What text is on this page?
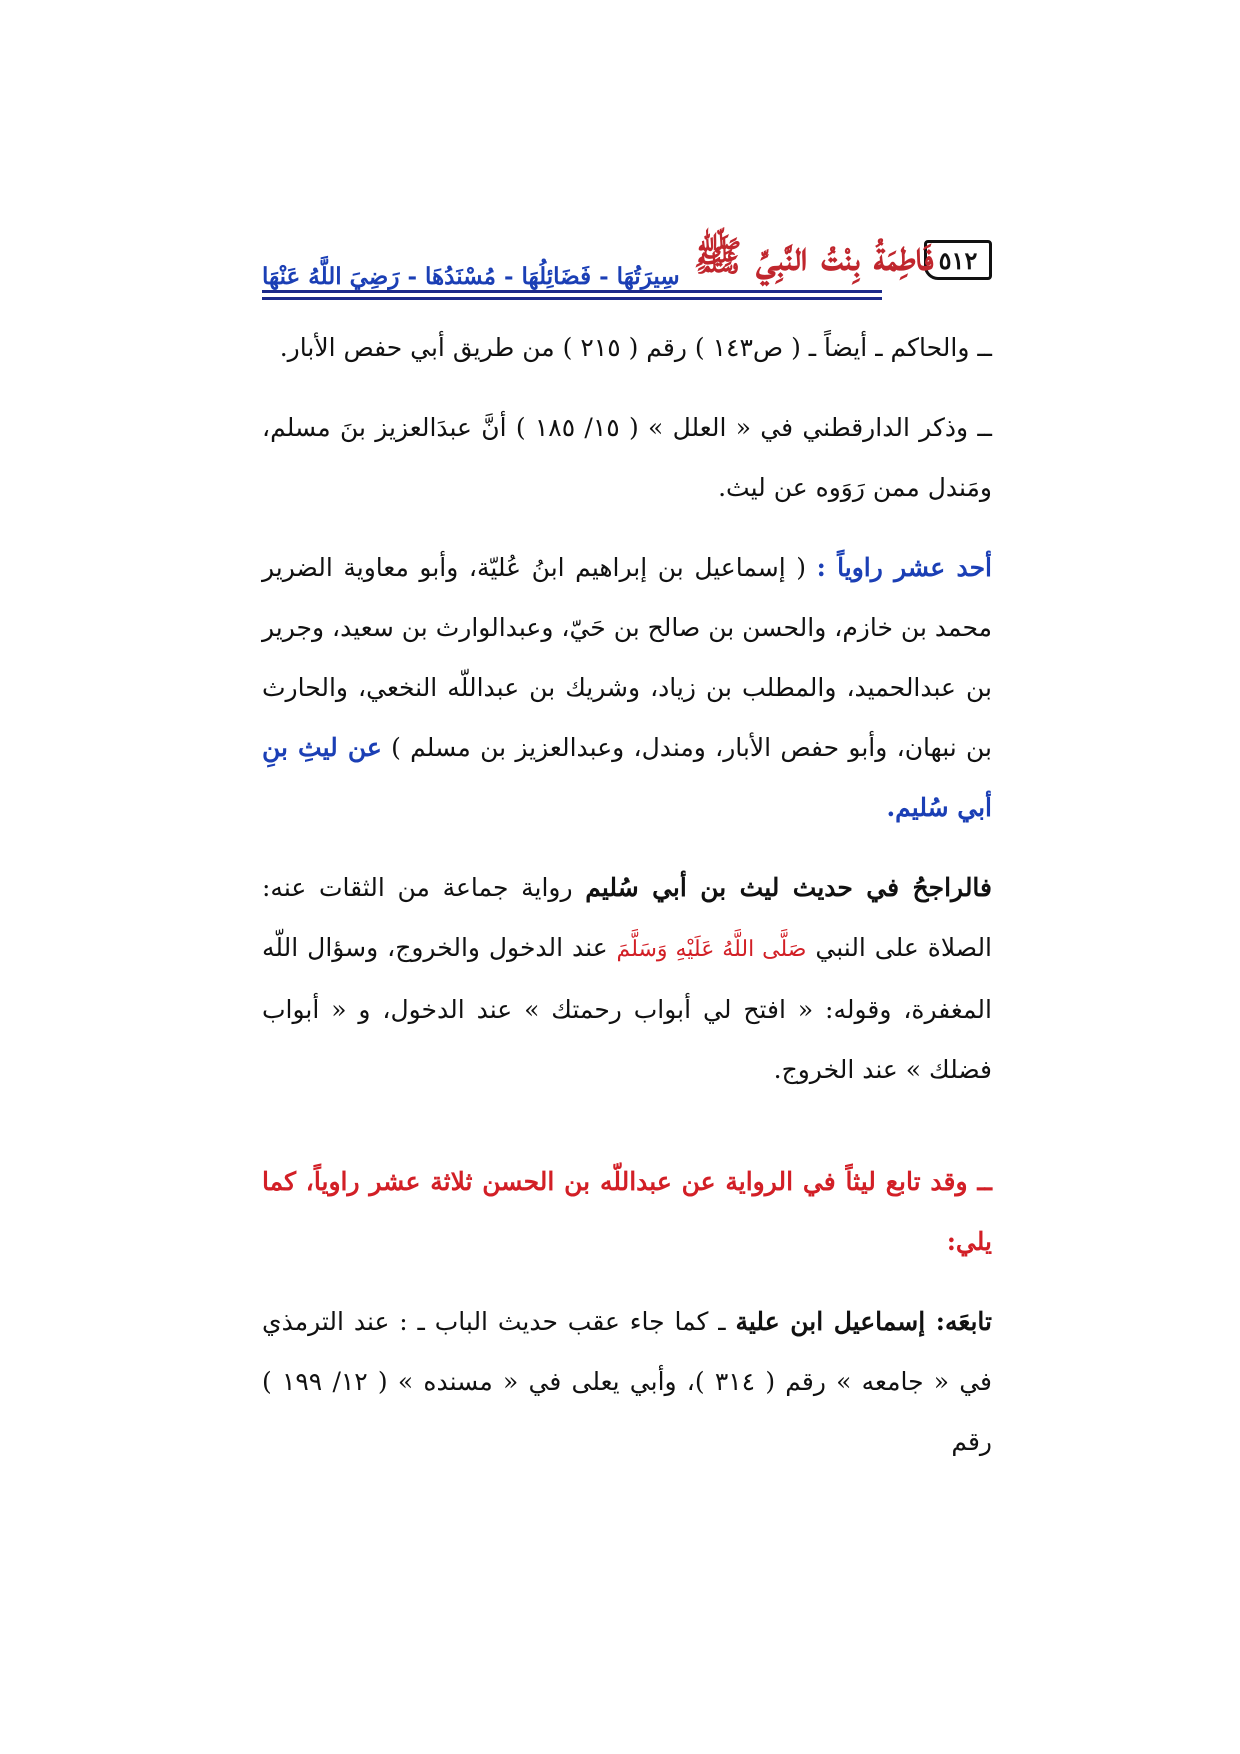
٥١٢
فَاطِمَةُ بِنْتُ النَّبِيِّ ﷺ
سِيرَتُهَا - فَضَائِلُهَا - مُسْنَدُهَا - رَضِيَ اللَّهُ عَنْهَا

ــ والحاكم ـ أيضاً ـ ( ص١٤٣ ) رقم ( ٢١٥ ) من طريق أبي حفص الأبار.

ــ وذكر الدارقطني في « العلل » ( ١٥/ ١٨٥ ) أنَّ عبدَالعزيز بنَ مسلم، ومَندل ممن رَوَوه عن ليث.

أحد عشر راوياً : ( إسماعيل بن إبراهيم ابنُ عُليّة، وأبو معاوية الضرير محمد بن خازم، والحسن بن صالح بن حَيّ، وعبدالوارث بن سعيد، وجرير بن عبدالحميد، والمطلب بن زياد، وشريك بن عبداللّه النخعي، والحارث بن نبهان، وأبو حفص الأبار، ومندل، وعبدالعزيز بن مسلم ) عن ليثِ بنِ أبي سُليم.

فالراجحُ في حديث ليث بن أبي سُليم رواية جماعة من الثقات عنه: الصلاة على النبي صَلَّى اللَّهُ عَلَيْهِ وَسَلَّمَ عند الدخول والخروج، وسؤال اللّه المغفرة، وقوله: « افتح لي أبواب رحمتك » عند الدخول، و « أبواب فضلك » عند الخروج.

ــ وقد تابع ليثاً في الرواية عن عبداللّه بن الحسن ثلاثة عشر راوياً، كما يلي:

تابعَه: إسماعيل ابن علية ـ كما جاء عقب حديث الباب ـ : عند الترمذي في « جامعه » رقم ( ٣١٤ )، وأبي يعلى في « مسنده » ( ١٢/ ١٩٩ ) رقم
